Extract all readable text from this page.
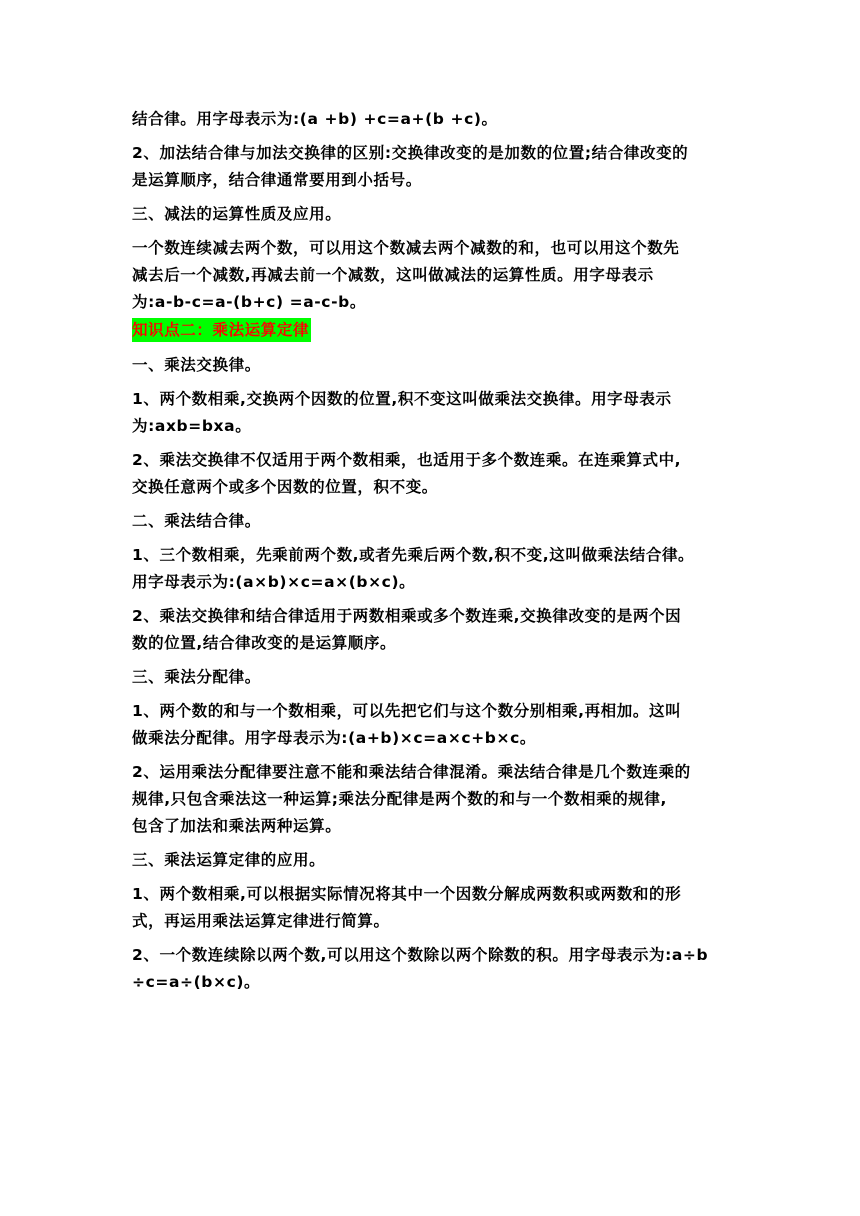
结合律。用字母表示为:(a +b) +c=a+(b +c)。
2、加法结合律与加法交换律的区别:交换律改变的是加数的位置;结合律改变的
是运算顺序，结合律通常要用到小括号。
三、减法的运算性质及应用。
一个数连续减去两个数，可以用这个数减去两个减数的和，也可以用这个数先
减去后一个减数,再减去前一个减数，这叫做减法的运算性质。用字母表示
为:a-b-c=a-(b+c) =a-c-b。
知识点二：乘法运算定律
一、乘法交换律。
1、两个数相乘,交换两个因数的位置,积不变这叫做乘法交换律。用字母表示
为:axb=bxa。
2、乘法交换律不仅适用于两个数相乘，也适用于多个数连乘。在连乘算式中,
交换任意两个或多个因数的位置，积不变。
二、乘法结合律。
1、三个数相乘，先乘前两个数,或者先乘后两个数,积不变,这叫做乘法结合律。
用字母表示为:(a×b)×c=a×(b×c)。
2、乘法交换律和结合律适用于两数相乘或多个数连乘,交换律改变的是两个因
数的位置,结合律改变的是运算顺序。
三、乘法分配律。
1、两个数的和与一个数相乘，可以先把它们与这个数分别相乘,再相加。这叫
做乘法分配律。用字母表示为:(a+b)×c=a×c+b×c。
2、运用乘法分配律要注意不能和乘法结合律混淆。乘法结合律是几个数连乘的
规律,只包含乘法这一种运算;乘法分配律是两个数的和与一个数相乘的规律,
包含了加法和乘法两种运算。
三、乘法运算定律的应用。
1、两个数相乘,可以根据实际情况将其中一个因数分解成两数积或两数和的形
式，再运用乘法运算定律进行简算。
2、一个数连续除以两个数,可以用这个数除以两个除数的积。用字母表示为:a÷b
÷c=a÷(b×c)。
